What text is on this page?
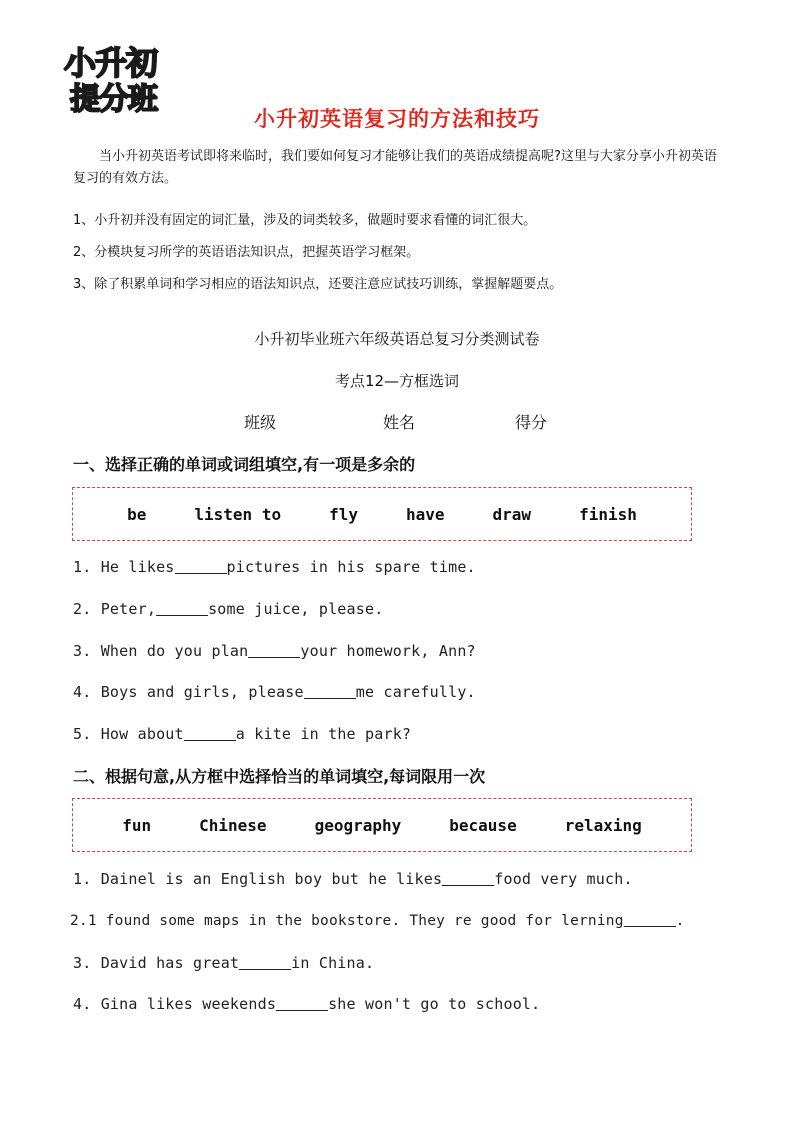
小升初
提分班
小升初英语复习的方法和技巧
当小升初英语考试即将来临时，我们要如何复习才能够让我们的英语成绩提高呢?这里与大家分享小升初英语复习的有效方法。
1、小升初并没有固定的词汇量，涉及的词类较多，做题时要求看懂的词汇很大。
2、分模块复习所学的英语语法知识点，把握英语学习框架。
3、除了积累单词和学习相应的语法知识点，还要注意应试技巧训练，掌握解题要点。
小升初毕业班六年级英语总复习分类测试卷
考点12—方框选词
班级	姓名	得分
一、选择正确的单词或词组填空,有一项是多余的
be	listen to	fly	have	draw	finish
1. He likes	pictures in his spare time.
2. Peter,	some juice, please.
3. When do you plan	your homework, Ann?
4. Boys and girls, please	me carefully.
5. How about	a kite in the park?
二、根据句意,从方框中选择恰当的单词填空,每词限用一次
fun	Chinese	geography	because	relaxing
1. Dainel is an English boy but he likes	food very much.
2.1 found some maps in the bookstore. They re good for lerning	.
3. David has great	in China.
4. Gina likes weekends	she won't go to school.
